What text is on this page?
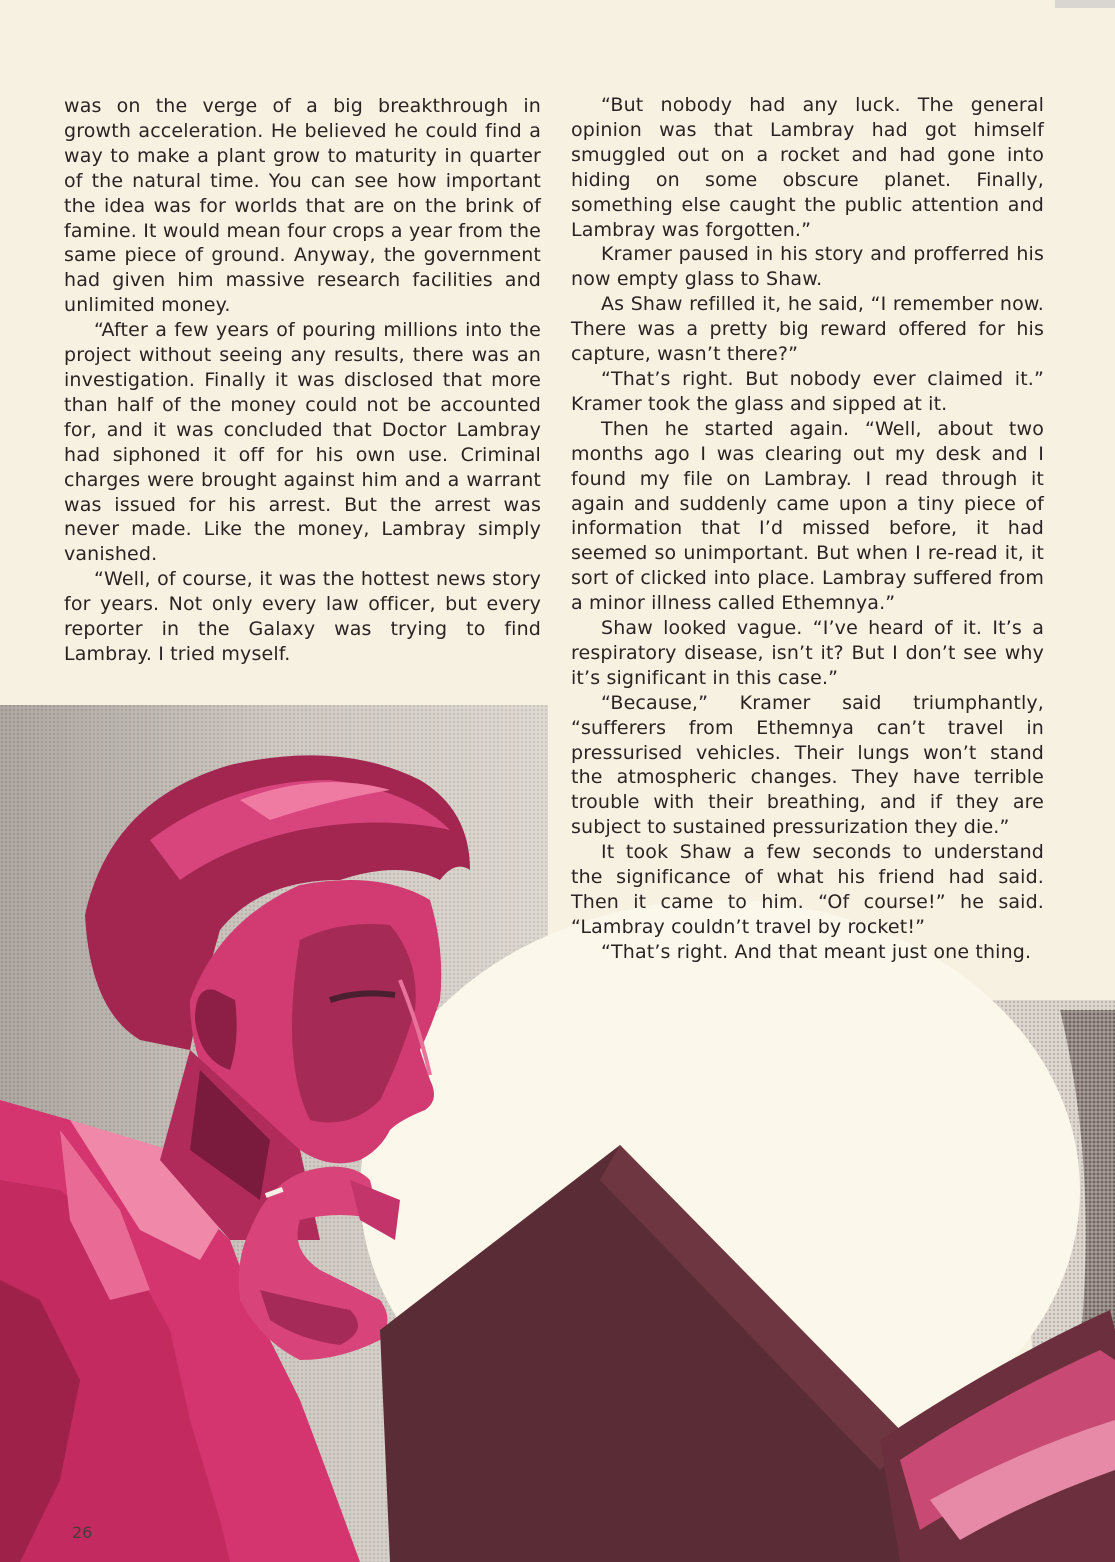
was on the verge of a big breakthrough in growth acceleration. He believed he could find a way to make a plant grow to maturity in quarter of the natural time. You can see how important the idea was for worlds that are on the brink of famine. It would mean four crops a year from the same piece of ground. Anyway, the government had given him massive research facilities and unlimited money.

“After a few years of pouring millions into the project without seeing any results, there was an investigation. Finally it was disclosed that more than half of the money could not be accounted for, and it was concluded that Doctor Lambray had siphoned it off for his own use. Criminal charges were brought against him and a warrant was issued for his arrest. But the arrest was never made. Like the money, Lambray simply vanished.

“Well, of course, it was the hottest news story for years. Not only every law officer, but every reporter in the Galaxy was trying to find Lambray. I tried myself.

“But nobody had any luck. The general opinion was that Lambray had got himself smuggled out on a rocket and had gone into hiding on some obscure planet. Finally, something else caught the public attention and Lambray was forgotten.”

Kramer paused in his story and profferred his now empty glass to Shaw.

As Shaw refilled it, he said, “I remember now. There was a pretty big reward offered for his capture, wasn’t there?”

“That’s right. But nobody ever claimed it.” Kramer took the glass and sipped at it.

Then he started again. “Well, about two months ago I was clearing out my desk and I found my file on Lambray. I read through it again and suddenly came upon a tiny piece of information that I’d missed before, it had seemed so unimportant. But when I re-read it, it sort of clicked into place. Lambray suffered from a minor illness called Ethemnya.”

Shaw looked vague. “I’ve heard of it. It’s a respiratory disease, isn’t it? But I don’t see why it’s significant in this case.”

“Because,” Kramer said triumphantly, “sufferers from Ethemnya can’t travel in pressurised vehicles. Their lungs won’t stand the atmospheric changes. They have terrible trouble with their breathing, and if they are subject to sustained pressurization they die.”

It took Shaw a few seconds to understand the significance of what his friend had said. Then it came to him. “Of course!” he said. “Lambray couldn’t travel by rocket!”

“That’s right. And that meant just one thing.

26
